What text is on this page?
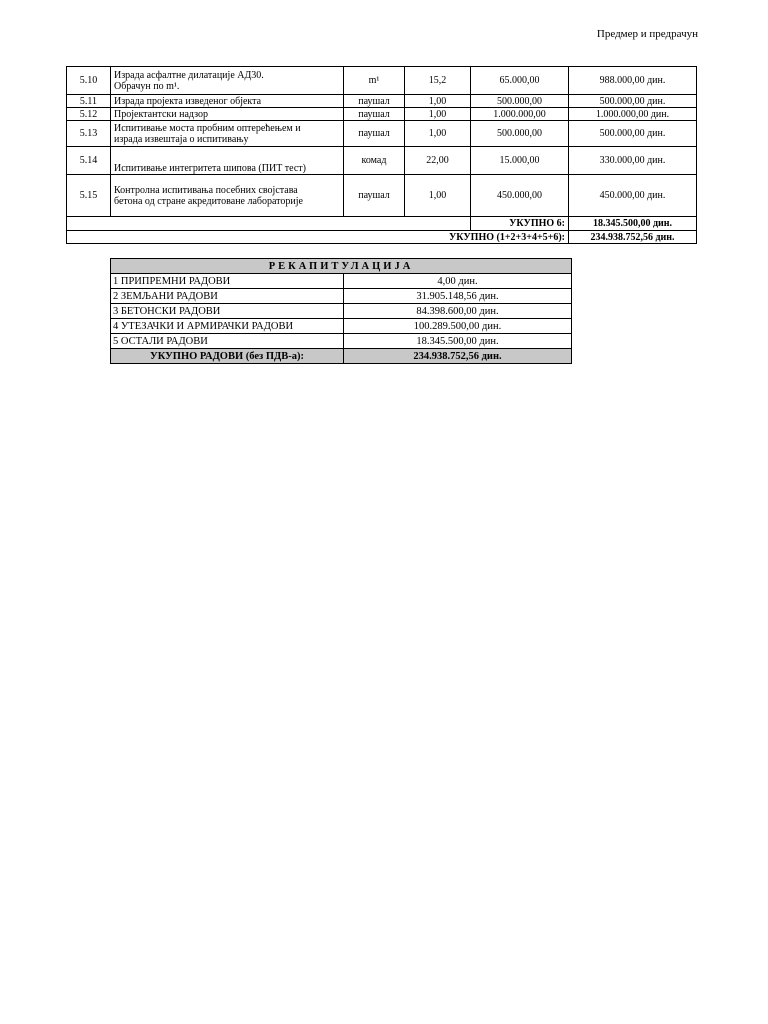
Предмер и предрачун
5.10	Израда асфалтне дилатације АД30.
Обрачун по m¹.	m¹	15,2	65.000,00	988.000,00 дин.
5.11	Израда пројекта изведеног објекта	паушал	1,00	500.000,00	500.000,00 дин.
5.12	Пројектантски надзор	паушал	1,00	1.000.000,00	1.000.000,00 дин.
5.13	Испитивање моста пробним оптерећењем и
израда извештаја о испитивању	паушал	1,00	500.000,00	500.000,00 дин.
5.14	Испитивање интегритета шипова (ПИТ тест)	комад	22,00	15.000,00	330.000,00 дин.
5.15	Контролна испитивања посебних својстава
бетона од стране акредитоване лабораторије	паушал	1,00	450.000,00	450.000,00 дин.
				УКУПНО 6:	18.345.500,00 дин.
УКУПНО (1+2+3+4+5+6):					234.938.752,56 дин.
РЕКАПИТУЛАЦИЈА	
1 ПРИПРЕМНИ РАДОВИ	4,00 дин.
2 ЗЕМЉАНИ РАДОВИ	31.905.148,56 дин.
3 БЕТОНСКИ РАДОВИ	84.398.600,00 дин.
4 УТЕЗАЧКИ И АРМИРАЧКИ РАДОВИ	100.289.500,00 дин.
5 ОСТАЛИ РАДОВИ	18.345.500,00 дин.
УКУПНО РАДОВИ (без ПДВ-а):	234.938.752,56 дин.
